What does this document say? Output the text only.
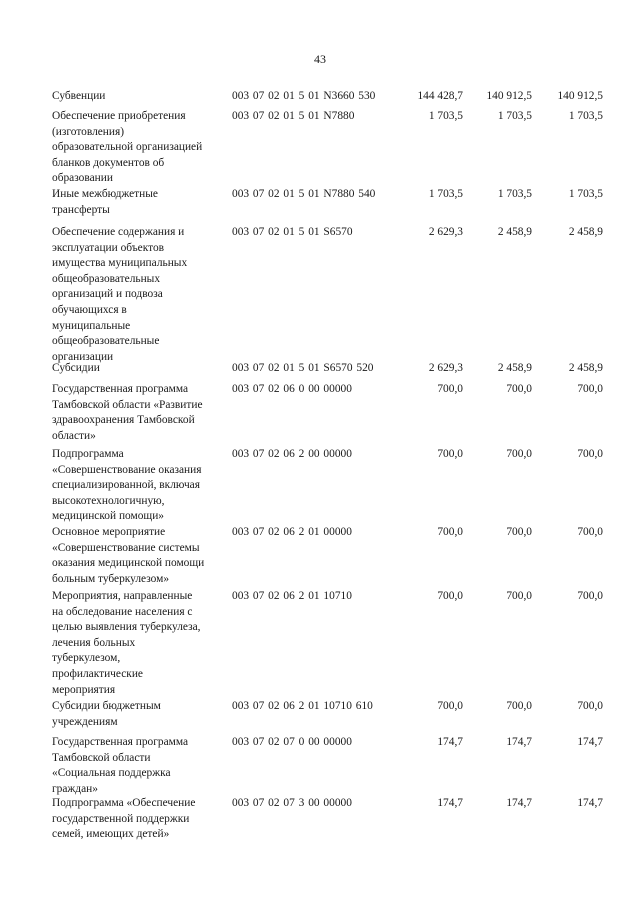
43
Субвенции	003 07 02 01 5 01 N3660 530	144 428,7	140 912,5	140 912,5
Обеспечение приобретения
(изготовления)
образовательной организацией
бланков документов об
образовании
003 07 02 01 5 01 N7880	1 703,5	1 703,5	1 703,5
Иные межбюджетные
трансферты
003 07 02 01 5 01 N7880 540	1 703,5	1 703,5	1 703,5
Обеспечение содержания и
эксплуатации объектов
имущества муниципальных
общеобразовательных
организаций и подвоза
обучающихся в
муниципальные
общеобразовательные
организации
003 07 02 01 5 01 S6570	2 629,3	2 458,9	2 458,9
Субсидии	003 07 02 01 5 01 S6570 520	2 629,3	2 458,9	2 458,9
Государственная программа
Тамбовской области «Развитие
здравоохранения Тамбовской
области»
003 07 02 06 0 00 00000	700,0	700,0	700,0
Подпрограмма
«Совершенствование оказания
специализированной, включая
высокотехнологичную,
медицинской помощи»
003 07 02 06 2 00 00000	700,0	700,0	700,0
Основное мероприятие
«Совершенствование системы
оказания медицинской помощи
больным туберкулезом»
003 07 02 06 2 01 00000	700,0	700,0	700,0
Мероприятия, направленные
на обследование населения с
целью выявления туберкулеза,
лечения больных
туберкулезом,
профилактические
мероприятия
003 07 02 06 2 01 10710	700,0	700,0	700,0
Субсидии бюджетным
учреждениям
003 07 02 06 2 01 10710 610	700,0	700,0	700,0
Государственная программа
Тамбовской области
«Социальная поддержка
граждан»
003 07 02 07 0 00 00000	174,7	174,7	174,7
Подпрограмма «Обеспечение
государственной поддержки
семей, имеющих детей»
003 07 02 07 3 00 00000	174,7	174,7	174,7
